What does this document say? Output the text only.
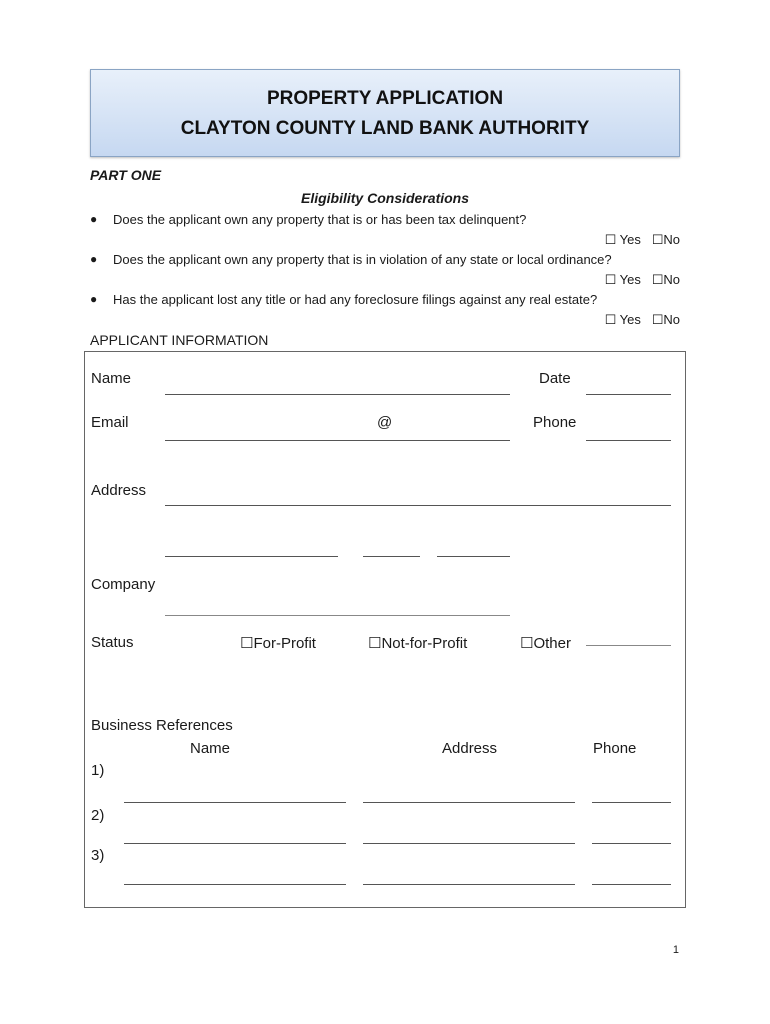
PROPERTY APPLICATION
CLAYTON COUNTY LAND BANK AUTHORITY
PART ONE
Eligibility Considerations
● Does the applicant own any property that is or has been tax delinquent?
☐ Yes ☐No
● Does the applicant own any property that is in violation of any state or local ordinance?
☐ Yes ☐No
● Has the applicant lost any title or had any foreclosure filings against any real estate?
☐ Yes ☐No
APPLICANT INFORMATION
Name	Date
Email	@	Phone
Address
Company
Status	☐For-Profit	☐Not-for-Profit	☐Other
Business References
Name	Address	Phone
1)
2)
3)
1
